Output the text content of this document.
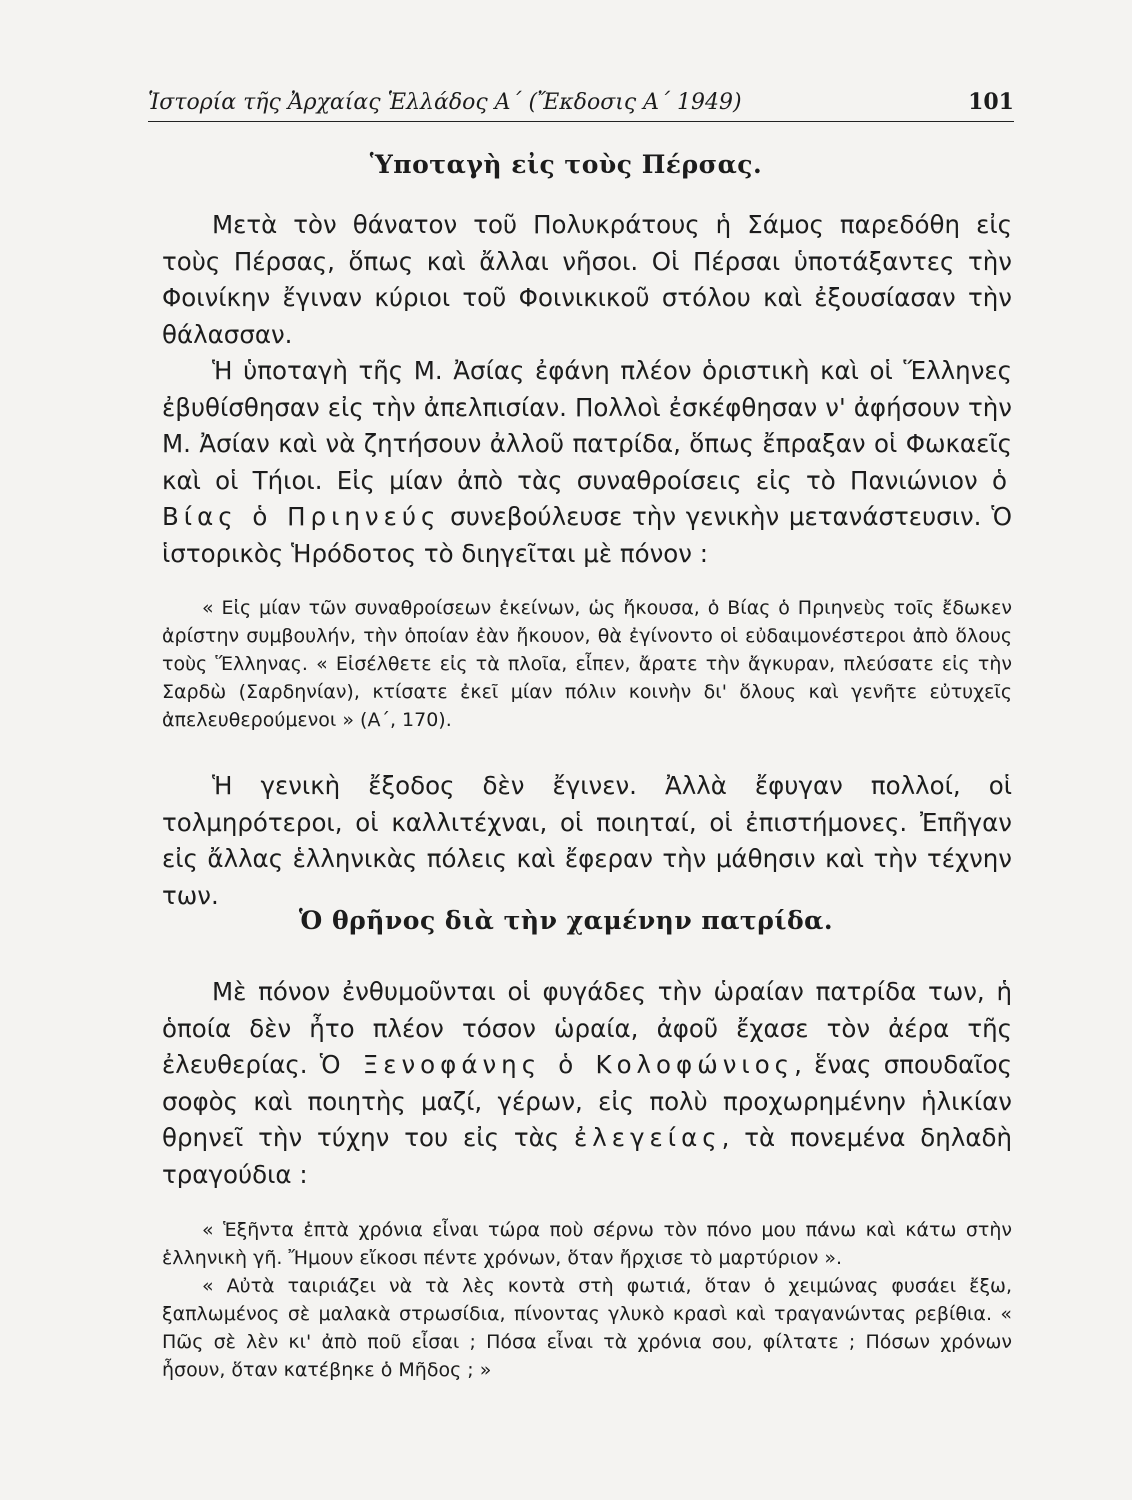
Ἱστορία τῆς Ἀρχαίας Ἑλλάδος Α΄ (Ἔκδοσις Α΄ 1949)	101
Ὑποταγὴ εἰς τοὺς Πέρσας.

Μετὰ τὸν θάνατον τοῦ Πολυκράτους ἡ Σάμος παρεδόθη εἰς τοὺς Πέρσας, ὅπως καὶ ἄλλαι νῆσοι. Οἱ Πέρσαι ὑποτάξαντες τὴν Φοινίκην ἔγιναν κύριοι τοῦ Φοινικικοῦ στόλου καὶ ἐξουσίασαν τὴν θάλασσαν.

Ἡ ὑποταγὴ τῆς Μ. Ἀσίας ἐφάνη πλέον ὁριστικὴ καὶ οἱ Ἕλληνες ἐβυθίσθησαν εἰς τὴν ἀπελπισίαν. Πολλοὶ ἐσκέφθησαν ν' ἀφήσουν τὴν Μ. Ἀσίαν καὶ νὰ ζητήσουν ἀλλοῦ πατρίδα, ὅπως ἔπραξαν οἱ Φωκαεῖς καὶ οἱ Τήιοι. Εἰς μίαν ἀπὸ τὰς συναθροίσεις εἰς τὸ Πανιώνιον ὁ Βίας ὁ Πριηνεύς συνεβούλευσε τὴν γενικὴν μετανάστευσιν. Ὁ ἱστορικὸς Ἡρόδοτος τὸ διηγεῖται μὲ πόνον :

« Εἰς μίαν τῶν συναθροίσεων ἐκείνων, ὡς ἤκουσα, ὁ Βίας ὁ Πριηνεὺς τοῖς ἔδωκεν ἀρίστην συμβουλήν, τὴν ὁποίαν ἐὰν ἤκουον, θὰ ἐγίνοντο οἱ εὐδαιμονέστεροι ἀπὸ ὅλους τοὺς Ἕλληνας. « Εἰσέλθετε εἰς τὰ πλοῖα, εἶπεν, ἄρατε τὴν ἄγκυραν, πλεύσατε εἰς τὴν Σαρδὼ (Σαρδηνίαν), κτίσατε ἐκεῖ μίαν πόλιν κοινὴν δι' ὅλους καὶ γενῆτε εὐτυχεῖς ἀπελευθερούμενοι » (Α΄, 170).

Ἡ γενικὴ ἔξοδος δὲν ἔγινεν. Ἀλλὰ ἔφυγαν πολλοί, οἱ τολμηρότεροι, οἱ καλλιτέχναι, οἱ ποιηταί, οἱ ἐπιστήμονες. Ἐπῆγαν εἰς ἄλλας ἑλληνικὰς πόλεις καὶ ἔφεραν τὴν μάθησιν καὶ τὴν τέχνην των.

Ὁ θρῆνος διὰ τὴν χαμένην πατρίδα.

Μὲ πόνον ἐνθυμοῦνται οἱ φυγάδες τὴν ὡραίαν πατρίδα των, ἡ ὁποία δὲν ἦτο πλέον τόσον ὡραία, ἀφοῦ ἔχασε τὸν ἀέρα τῆς ἐλευθερίας. Ὁ Ξενοφάνης ὁ Κολοφώνιος, ἕνας σπουδαῖος σοφὸς καὶ ποιητὴς μαζί, γέρων, εἰς πολὺ προχωρημένην ἡλικίαν θρηνεῖ τὴν τύχην του εἰς τὰς ἐλεγείας, τὰ πονεμένα δηλαδὴ τραγούδια :

« Ἑξῆντα ἑπτὰ χρόνια εἶναι τώρα ποὺ σέρνω τὸν πόνο μου πάνω καὶ κάτω στὴν ἑλληνικὴ γῆ. Ἤμουν εἴκοσι πέντε χρόνων, ὅταν ἤρχισε τὸ μαρτύριον ».

« Αὐτὰ ταιριάζει νὰ τὰ λὲς κοντὰ στὴ φωτιά, ὅταν ὁ χειμώνας φυσάει ἔξω, ξαπλωμένος σὲ μαλακὰ στρωσίδια, πίνοντας γλυκὸ κρασὶ καὶ τραγανώντας ρεβίθια. « Πῶς σὲ λὲν κι' ἀπὸ ποῦ εἶσαι ; Πόσα εἶναι τὰ χρόνια σου, φίλτατε ; Πόσων χρόνων ἦσουν, ὅταν κατέβηκε ὁ Μῆδος ; »
